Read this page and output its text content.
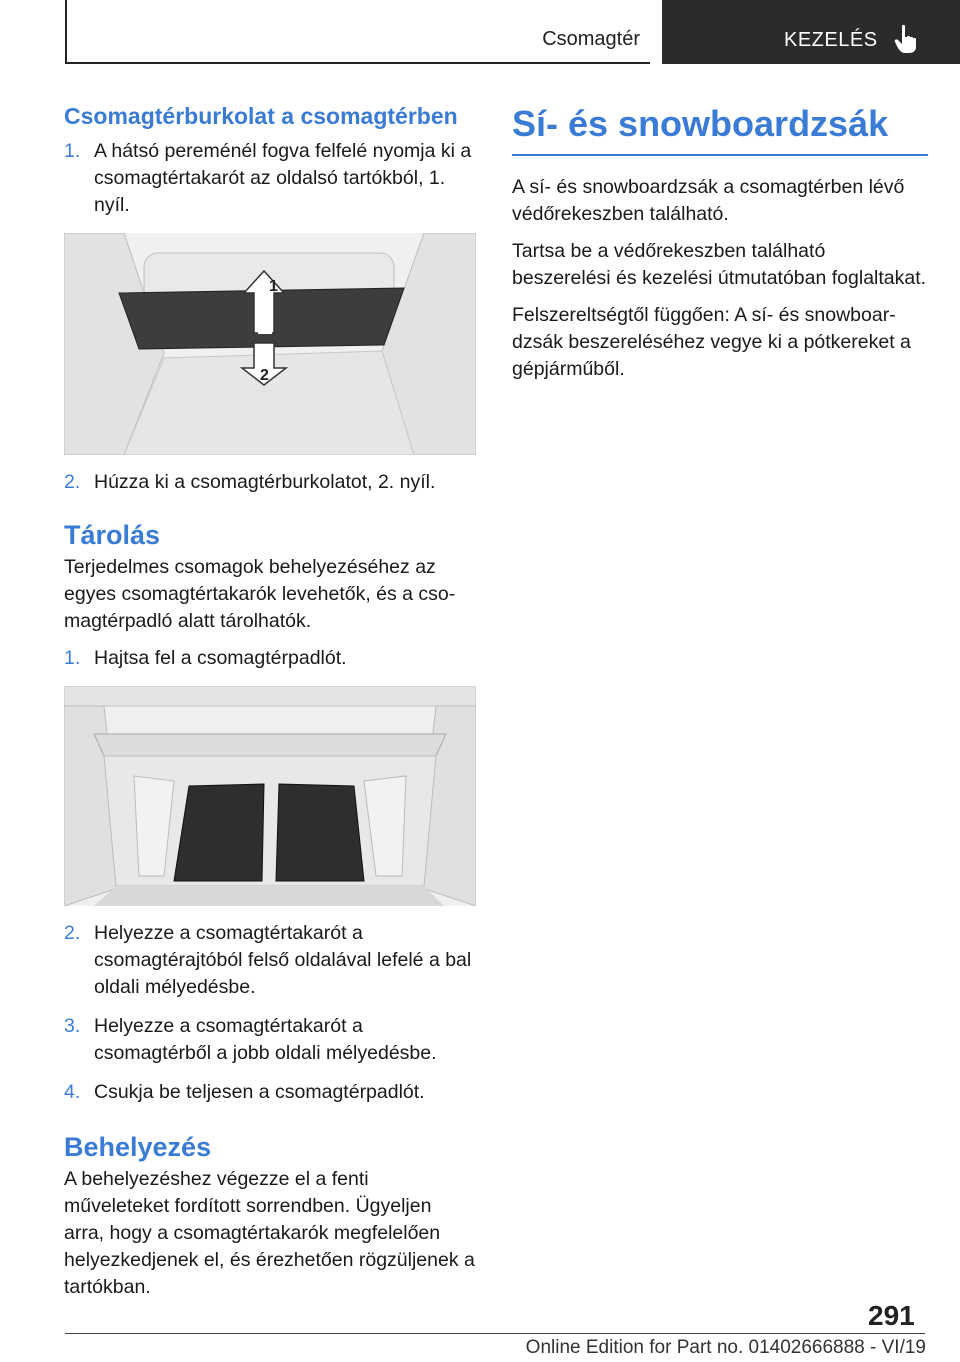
Csomagtér	KEZELÉS
Csomagtérburkolat a csomagtérben

1. A hátsó pereménél fogva felfelé nyomja ki a csomagtértakarót az oldalsó tartókból, 1. nyíl.

1
2

2. Húzza ki a csomagtérburkolatot, 2. nyíl.

Tárolás

Terjedelmes csomagok behelyezéséhez az egyes csomagtértakarók levehetők, és a csomagtérpadló alatt tárolhatók.

1. Hajtsa fel a csomagtérpadlót.

2. Helyezze a csomagtértakarót a csomagtérajtóból felső oldalával lefelé a bal oldali mélyedésbe.

3. Helyezze a csomagtértakarót a csomagtérből a jobb oldali mélyedésbe.

4. Csukja be teljesen a csomagtérpadlót.

Behelyezés

A behelyezéshez végezze el a fenti műveleteket fordított sorrendben. Ügyeljen arra, hogy a csomagtértakarók megfelelően helyezkedjenek el, és érezhetően rögzüljenek a tartókban.

Sí- és snowboardzsák

A sí- és snowboardzsák a csomagtérben lévő védőrekeszben található.

Tartsa be a védőrekeszben található beszerelési és kezelési útmutatóban foglaltakat.

Felszereltségtől függően: A sí- és snowboardzsák beszereléséhez vegye ki a pótkereket a gépjárműből.

291
Online Edition for Part no. 01402666888 - VI/19
